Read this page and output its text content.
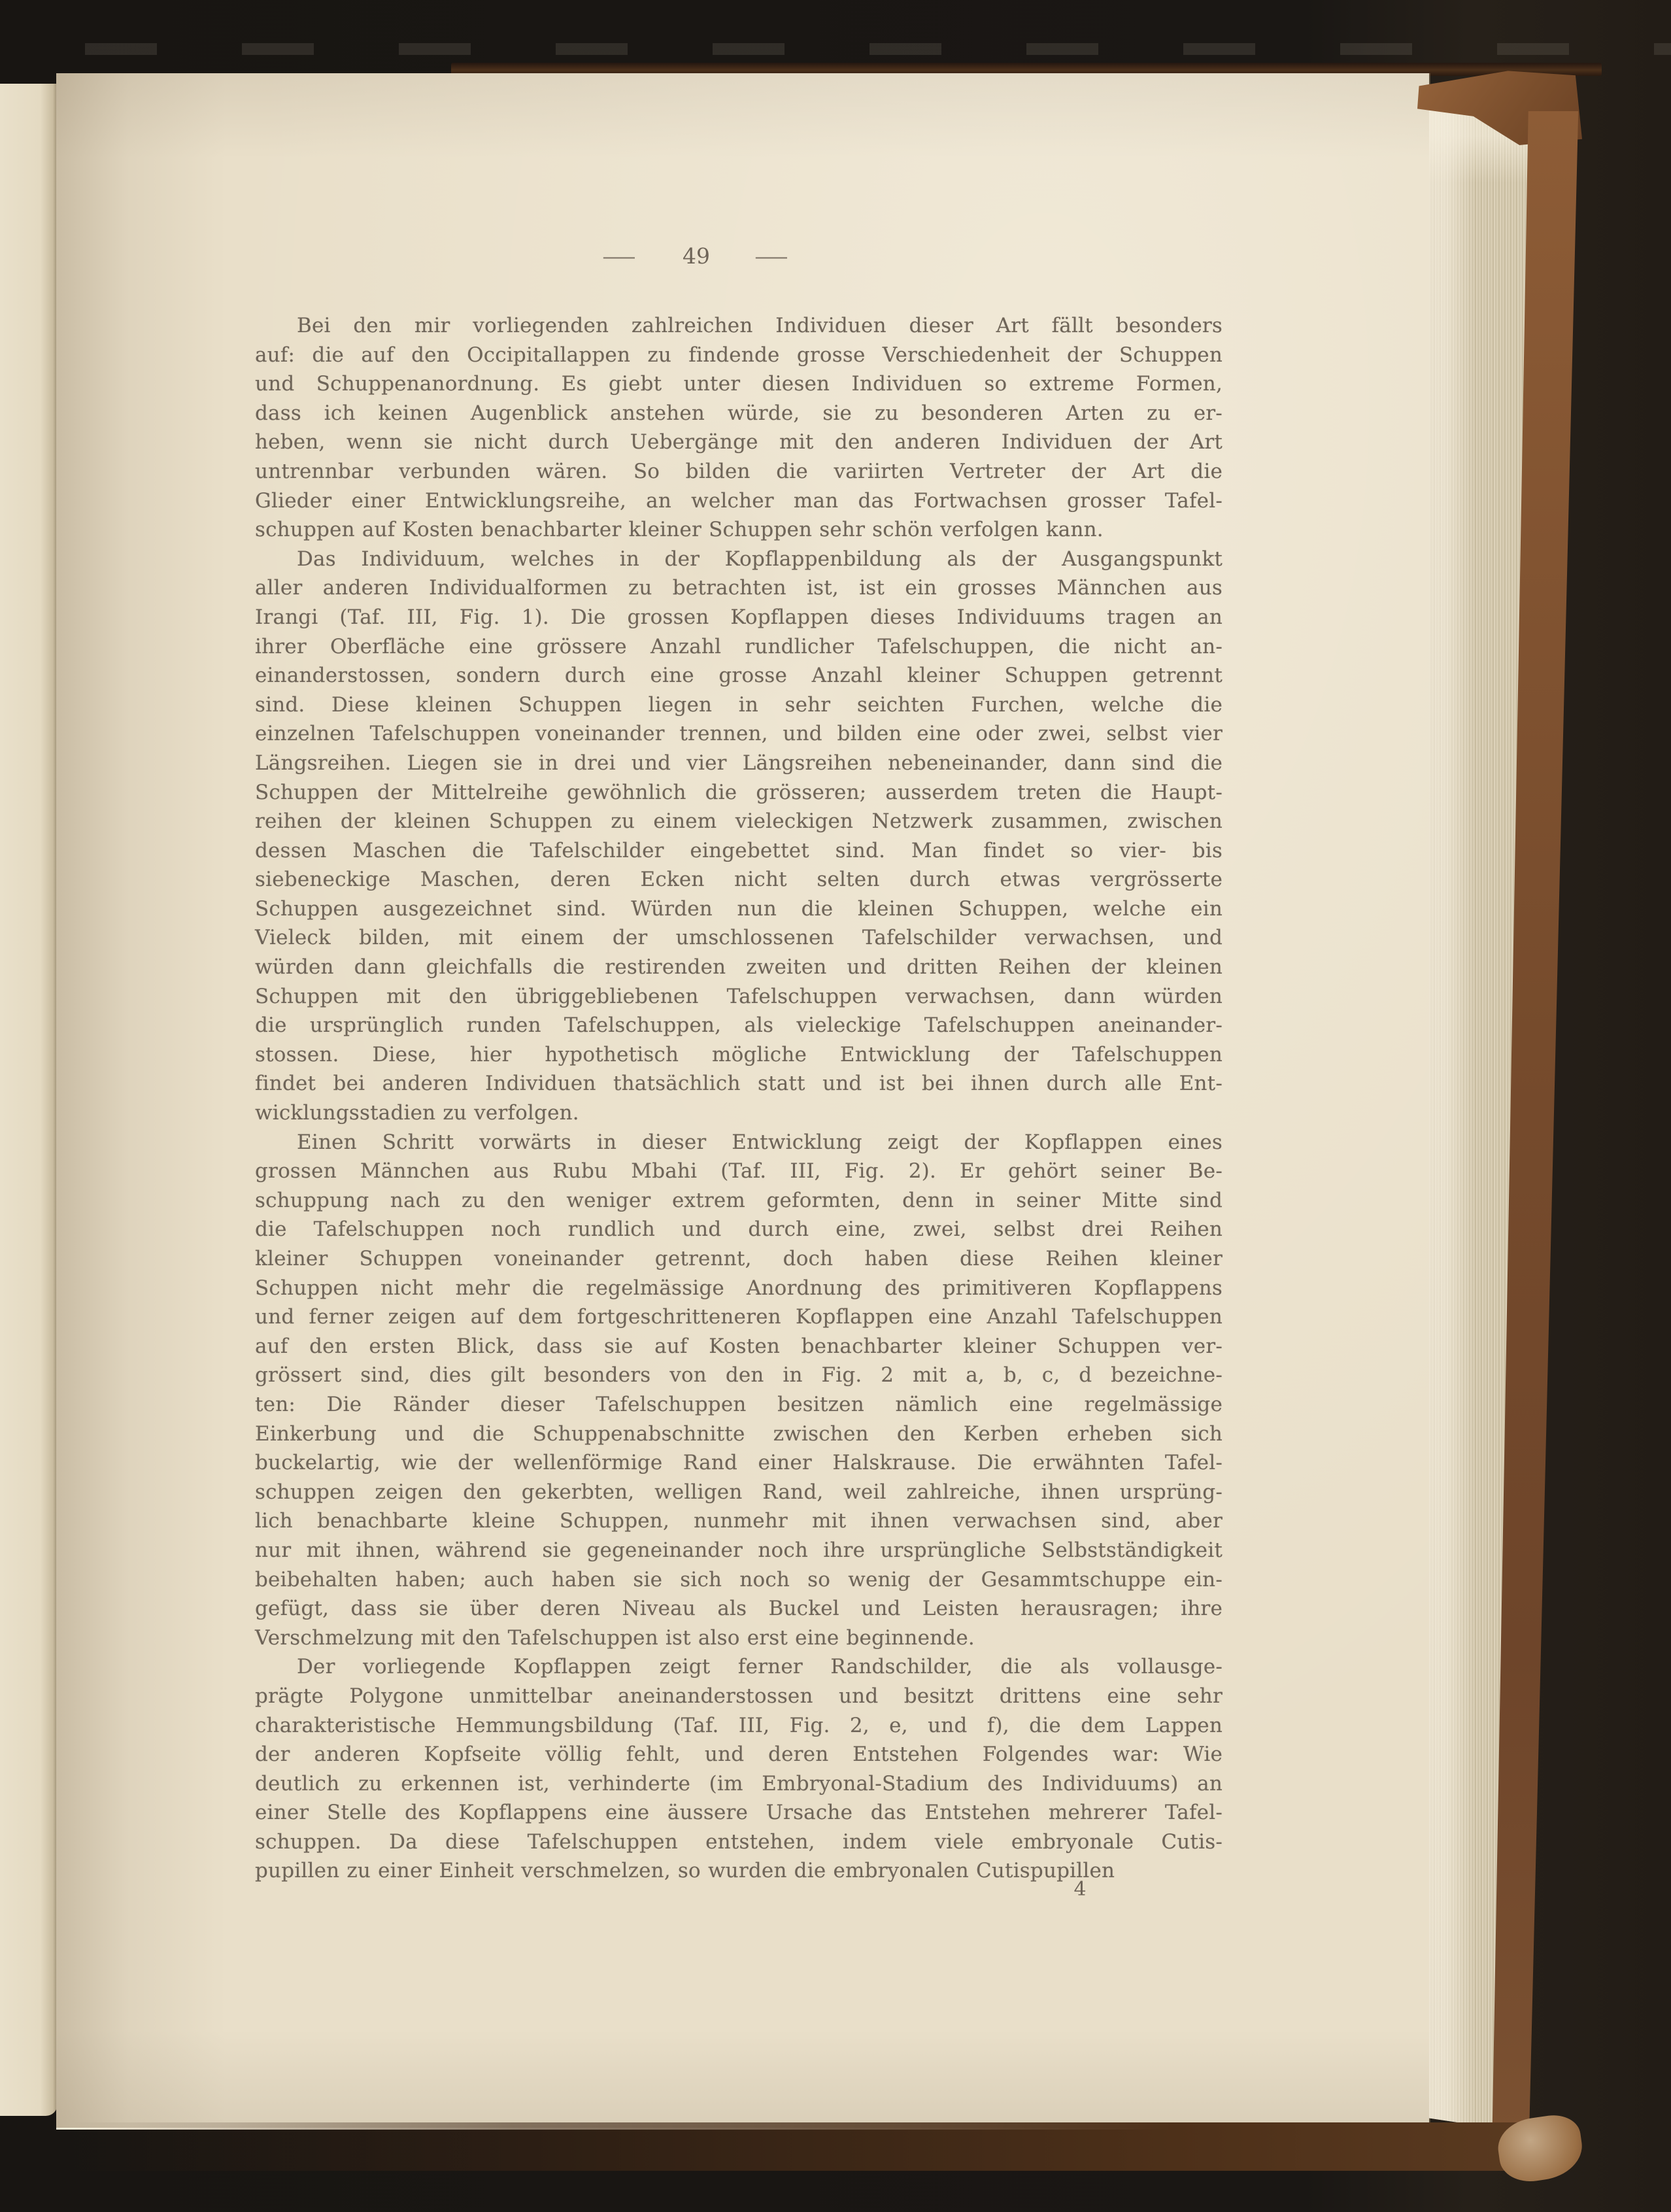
— 49 —
Bei den mir vorliegenden zahlreichen Individuen dieser Art fällt besonders
auf: die auf den Occipitallappen zu findende grosse Verschiedenheit der Schuppen
und Schuppenanordnung. Es giebt unter diesen Individuen so extreme Formen,
dass ich keinen Augenblick anstehen würde, sie zu besonderen Arten zu er-
heben, wenn sie nicht durch Uebergänge mit den anderen Individuen der Art
untrennbar verbunden wären. So bilden die variirten Vertreter der Art die
Glieder einer Entwicklungsreihe, an welcher man das Fortwachsen grosser Tafel-
schuppen auf Kosten benachbarter kleiner Schuppen sehr schön verfolgen kann.
Das Individuum, welches in der Kopflappenbildung als der Ausgangspunkt
aller anderen Individualformen zu betrachten ist, ist ein grosses Männchen aus
Irangi (Taf. III, Fig. 1). Die grossen Kopflappen dieses Individuums tragen an
ihrer Oberfläche eine grössere Anzahl rundlicher Tafelschuppen, die nicht an-
einanderstossen, sondern durch eine grosse Anzahl kleiner Schuppen getrennt
sind. Diese kleinen Schuppen liegen in sehr seichten Furchen, welche die
einzelnen Tafelschuppen voneinander trennen, und bilden eine oder zwei, selbst vier
Längsreihen. Liegen sie in drei und vier Längsreihen nebeneinander, dann sind die
Schuppen der Mittelreihe gewöhnlich die grösseren; ausserdem treten die Haupt-
reihen der kleinen Schuppen zu einem vieleckigen Netzwerk zusammen, zwischen
dessen Maschen die Tafelschilder eingebettet sind. Man findet so vier- bis
siebeneckige Maschen, deren Ecken nicht selten durch etwas vergrösserte
Schuppen ausgezeichnet sind. Würden nun die kleinen Schuppen, welche ein
Vieleck bilden, mit einem der umschlossenen Tafelschilder verwachsen, und
würden dann gleichfalls die restirenden zweiten und dritten Reihen der kleinen
Schuppen mit den übriggebliebenen Tafelschuppen verwachsen, dann würden
die ursprünglich runden Tafelschuppen, als vieleckige Tafelschuppen aneinander-
stossen. Diese, hier hypothetisch mögliche Entwicklung der Tafelschuppen
findet bei anderen Individuen thatsächlich statt und ist bei ihnen durch alle Ent-
wicklungsstadien zu verfolgen.
Einen Schritt vorwärts in dieser Entwicklung zeigt der Kopflappen eines
grossen Männchen aus Rubu Mbahi (Taf. III, Fig. 2). Er gehört seiner Be-
schuppung nach zu den weniger extrem geformten, denn in seiner Mitte sind
die Tafelschuppen noch rundlich und durch eine, zwei, selbst drei Reihen
kleiner Schuppen voneinander getrennt, doch haben diese Reihen kleiner
Schuppen nicht mehr die regelmässige Anordnung des primitiveren Kopflappens
und ferner zeigen auf dem fortgeschritteneren Kopflappen eine Anzahl Tafelschuppen
auf den ersten Blick, dass sie auf Kosten benachbarter kleiner Schuppen ver-
grössert sind, dies gilt besonders von den in Fig. 2 mit a, b, c, d bezeichne-
ten: Die Ränder dieser Tafelschuppen besitzen nämlich eine regelmässige
Einkerbung und die Schuppenabschnitte zwischen den Kerben erheben sich
buckelartig, wie der wellenförmige Rand einer Halskrause. Die erwähnten Tafel-
schuppen zeigen den gekerbten, welligen Rand, weil zahlreiche, ihnen ursprüng-
lich benachbarte kleine Schuppen, nunmehr mit ihnen verwachsen sind, aber
nur mit ihnen, während sie gegeneinander noch ihre ursprüngliche Selbstständigkeit
beibehalten haben; auch haben sie sich noch so wenig der Gesammtschuppe ein-
gefügt, dass sie über deren Niveau als Buckel und Leisten herausragen; ihre
Verschmelzung mit den Tafelschuppen ist also erst eine beginnende.
Der vorliegende Kopflappen zeigt ferner Randschilder, die als vollausge-
prägte Polygone unmittelbar aneinanderstossen und besitzt drittens eine sehr
charakteristische Hemmungsbildung (Taf. III, Fig. 2, e, und f), die dem Lappen
der anderen Kopfseite völlig fehlt, und deren Entstehen Folgendes war: Wie
deutlich zu erkennen ist, verhinderte (im Embryonal-Stadium des Individuums) an
einer Stelle des Kopflappens eine äussere Ursache das Entstehen mehrerer Tafel-
schuppen. Da diese Tafelschuppen entstehen, indem viele embryonale Cutis-
pupillen zu einer Einheit verschmelzen, so wurden die embryonalen Cutispupillen
4
